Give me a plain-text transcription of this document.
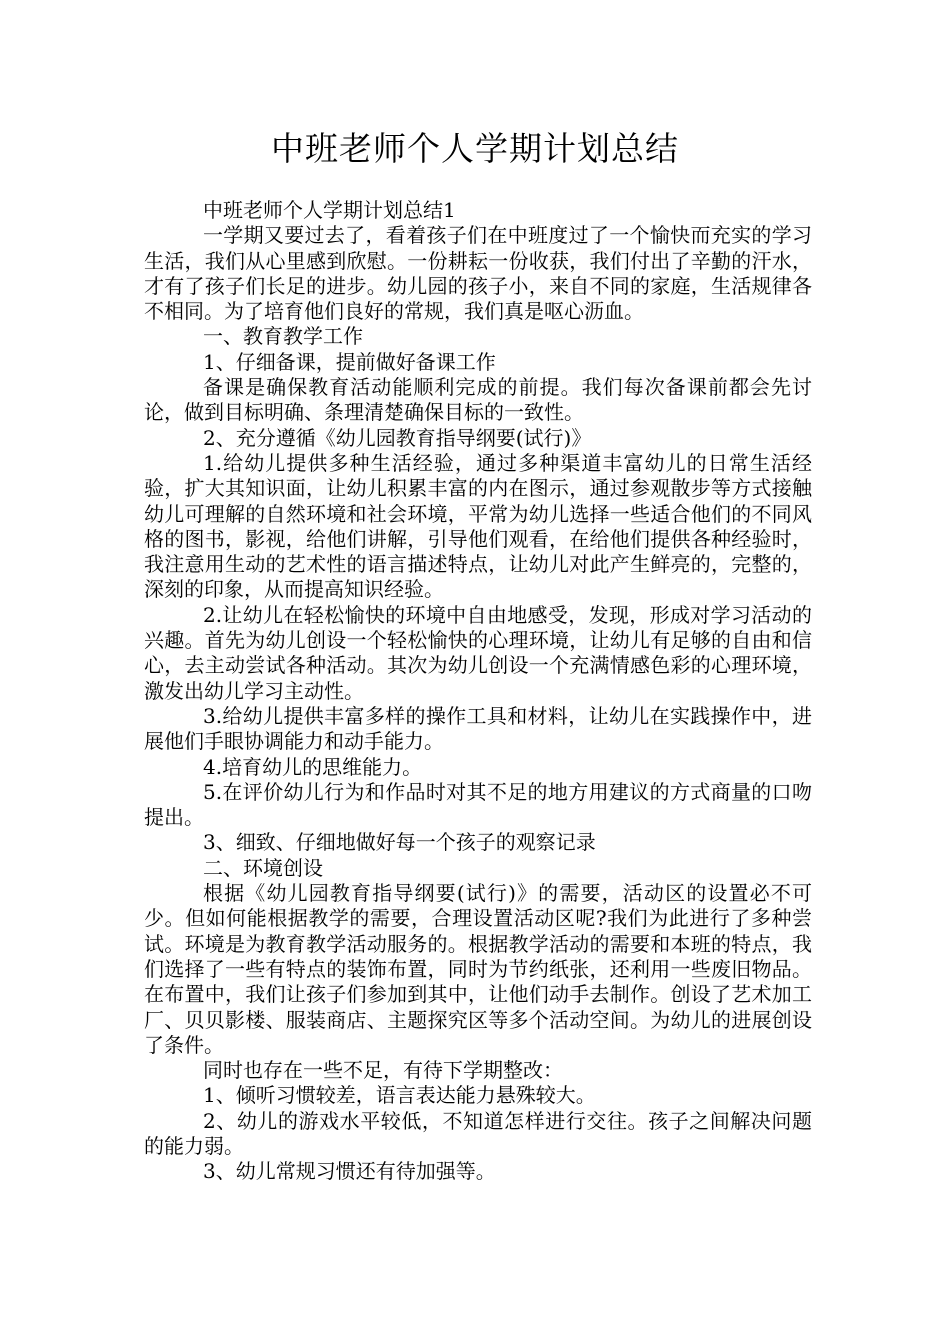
中班老师个人学期计划总结

中班老师个人学期计划总结1

一学期又要过去了，看着孩子们在中班度过了一个愉快而充实的学习生活，我们从心里感到欣慰。一份耕耘一份收获，我们付出了辛勤的汗水，才有了孩子们长足的进步。幼儿园的孩子小，来自不同的家庭，生活规律各不相同。为了培育他们良好的常规，我们真是呕心沥血。

一、教育教学工作

1、仔细备课，提前做好备课工作

备课是确保教育活动能顺利完成的前提。我们每次备课前都会先讨论，做到目标明确、条理清楚确保目标的一致性。

2、充分遵循《幼儿园教育指导纲要(试行)》

1.给幼儿提供多种生活经验，通过多种渠道丰富幼儿的日常生活经验，扩大其知识面，让幼儿积累丰富的内在图示，通过参观散步等方式接触幼儿可理解的自然环境和社会环境，平常为幼儿选择一些适合他们的不同风格的图书，影视，给他们讲解，引导他们观看，在给他们提供各种经验时，我注意用生动的艺术性的语言描述特点，让幼儿对此产生鲜亮的，完整的，深刻的印象，从而提高知识经验。

2.让幼儿在轻松愉快的环境中自由地感受，发现，形成对学习活动的兴趣。首先为幼儿创设一个轻松愉快的心理环境，让幼儿有足够的自由和信心，去主动尝试各种活动。其次为幼儿创设一个充满情感色彩的心理环境，激发出幼儿学习主动性。

3.给幼儿提供丰富多样的操作工具和材料，让幼儿在实践操作中，进展他们手眼协调能力和动手能力。

4.培育幼儿的思维能力。

5.在评价幼儿行为和作品时对其不足的地方用建议的方式商量的口吻提出。

3、细致、仔细地做好每一个孩子的观察记录

二、环境创设

根据《幼儿园教育指导纲要(试行)》的需要，活动区的设置必不可少。但如何能根据教学的需要，合理设置活动区呢?我们为此进行了多种尝试。环境是为教育教学活动服务的。根据教学活动的需要和本班的特点，我们选择了一些有特点的装饰布置，同时为节约纸张，还利用一些废旧物品。在布置中，我们让孩子们参加到其中，让他们动手去制作。创设了艺术加工厂、贝贝影楼、服装商店、主题探究区等多个活动空间。为幼儿的进展创设了条件。

同时也存在一些不足，有待下学期整改：

1、倾听习惯较差，语言表达能力悬殊较大。

2、幼儿的游戏水平较低，不知道怎样进行交往。孩子之间解决问题的能力弱。

3、幼儿常规习惯还有待加强等。
